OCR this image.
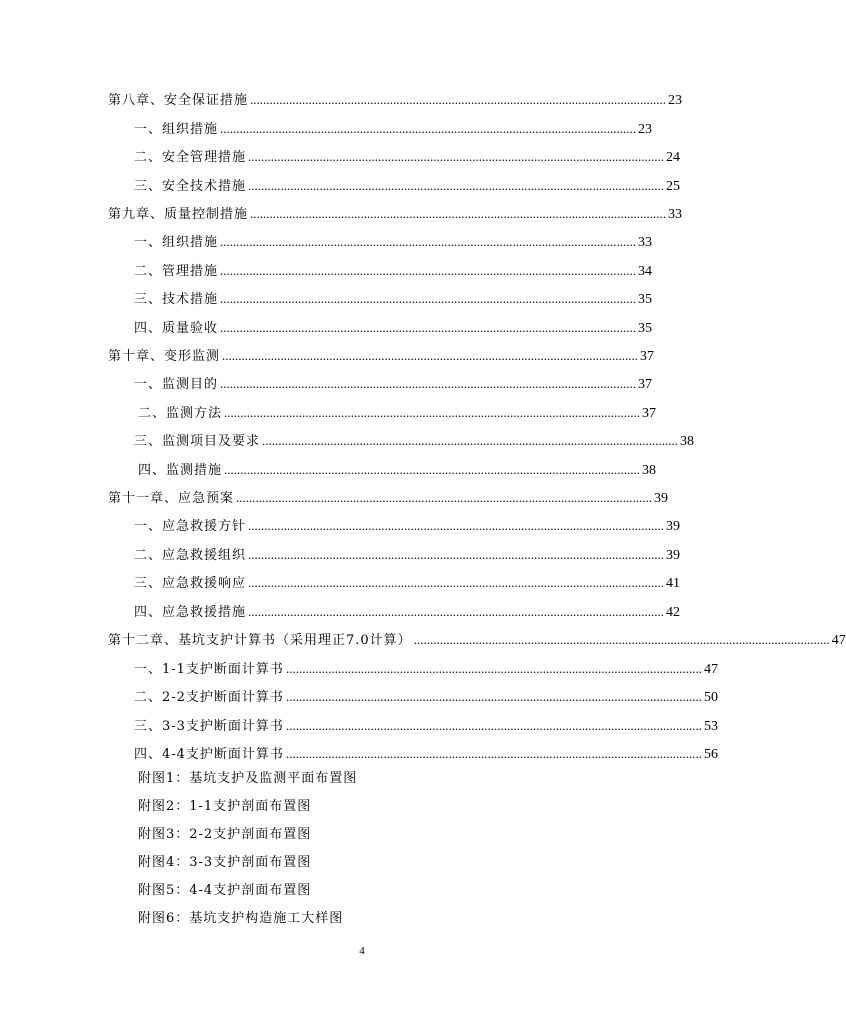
第八章、安全保证措施 ................................................................................................................................ 23
一、组织措施 ................................................................................................................................ 23
二、安全管理措施 ................................................................................................................................ 24
三、安全技术措施 ................................................................................................................................ 25
第九章、质量控制措施 ................................................................................................................................ 33
一、组织措施 ................................................................................................................................ 33
二、管理措施 ................................................................................................................................ 34
三、技术措施 ................................................................................................................................ 35
四、质量验收 ................................................................................................................................ 35
第十章、变形监测 ................................................................................................................................ 37
一、监测目的 ................................................................................................................................ 37
二、监测方法 ................................................................................................................................ 37
三、监测项目及要求 ................................................................................................................................ 38
四、监测措施 ................................................................................................................................ 38
第十一章、应急预案 ................................................................................................................................ 39
一、应急救援方针 ................................................................................................................................ 39
二、应急救援组织 ................................................................................................................................ 39
三、应急救援响应 ................................................................................................................................ 41
四、应急救援措施 ................................................................................................................................ 42
第十二章、基坑支护计算书（采用理正7.0计算） ................................................................................................................................ 47
一、1-1支护断面计算书 ................................................................................................................................ 47
二、2-2支护断面计算书 ................................................................................................................................ 50
三、3-3支护断面计算书 ................................................................................................................................ 53
四、4-4支护断面计算书 ................................................................................................................................ 56
附图1：基坑支护及监测平面布置图
附图2：1-1支护剖面布置图
附图3：2-2支护剖面布置图
附图4：3-3支护剖面布置图
附图5：4-4支护剖面布置图
附图6：基坑支护构造施工大样图
4
